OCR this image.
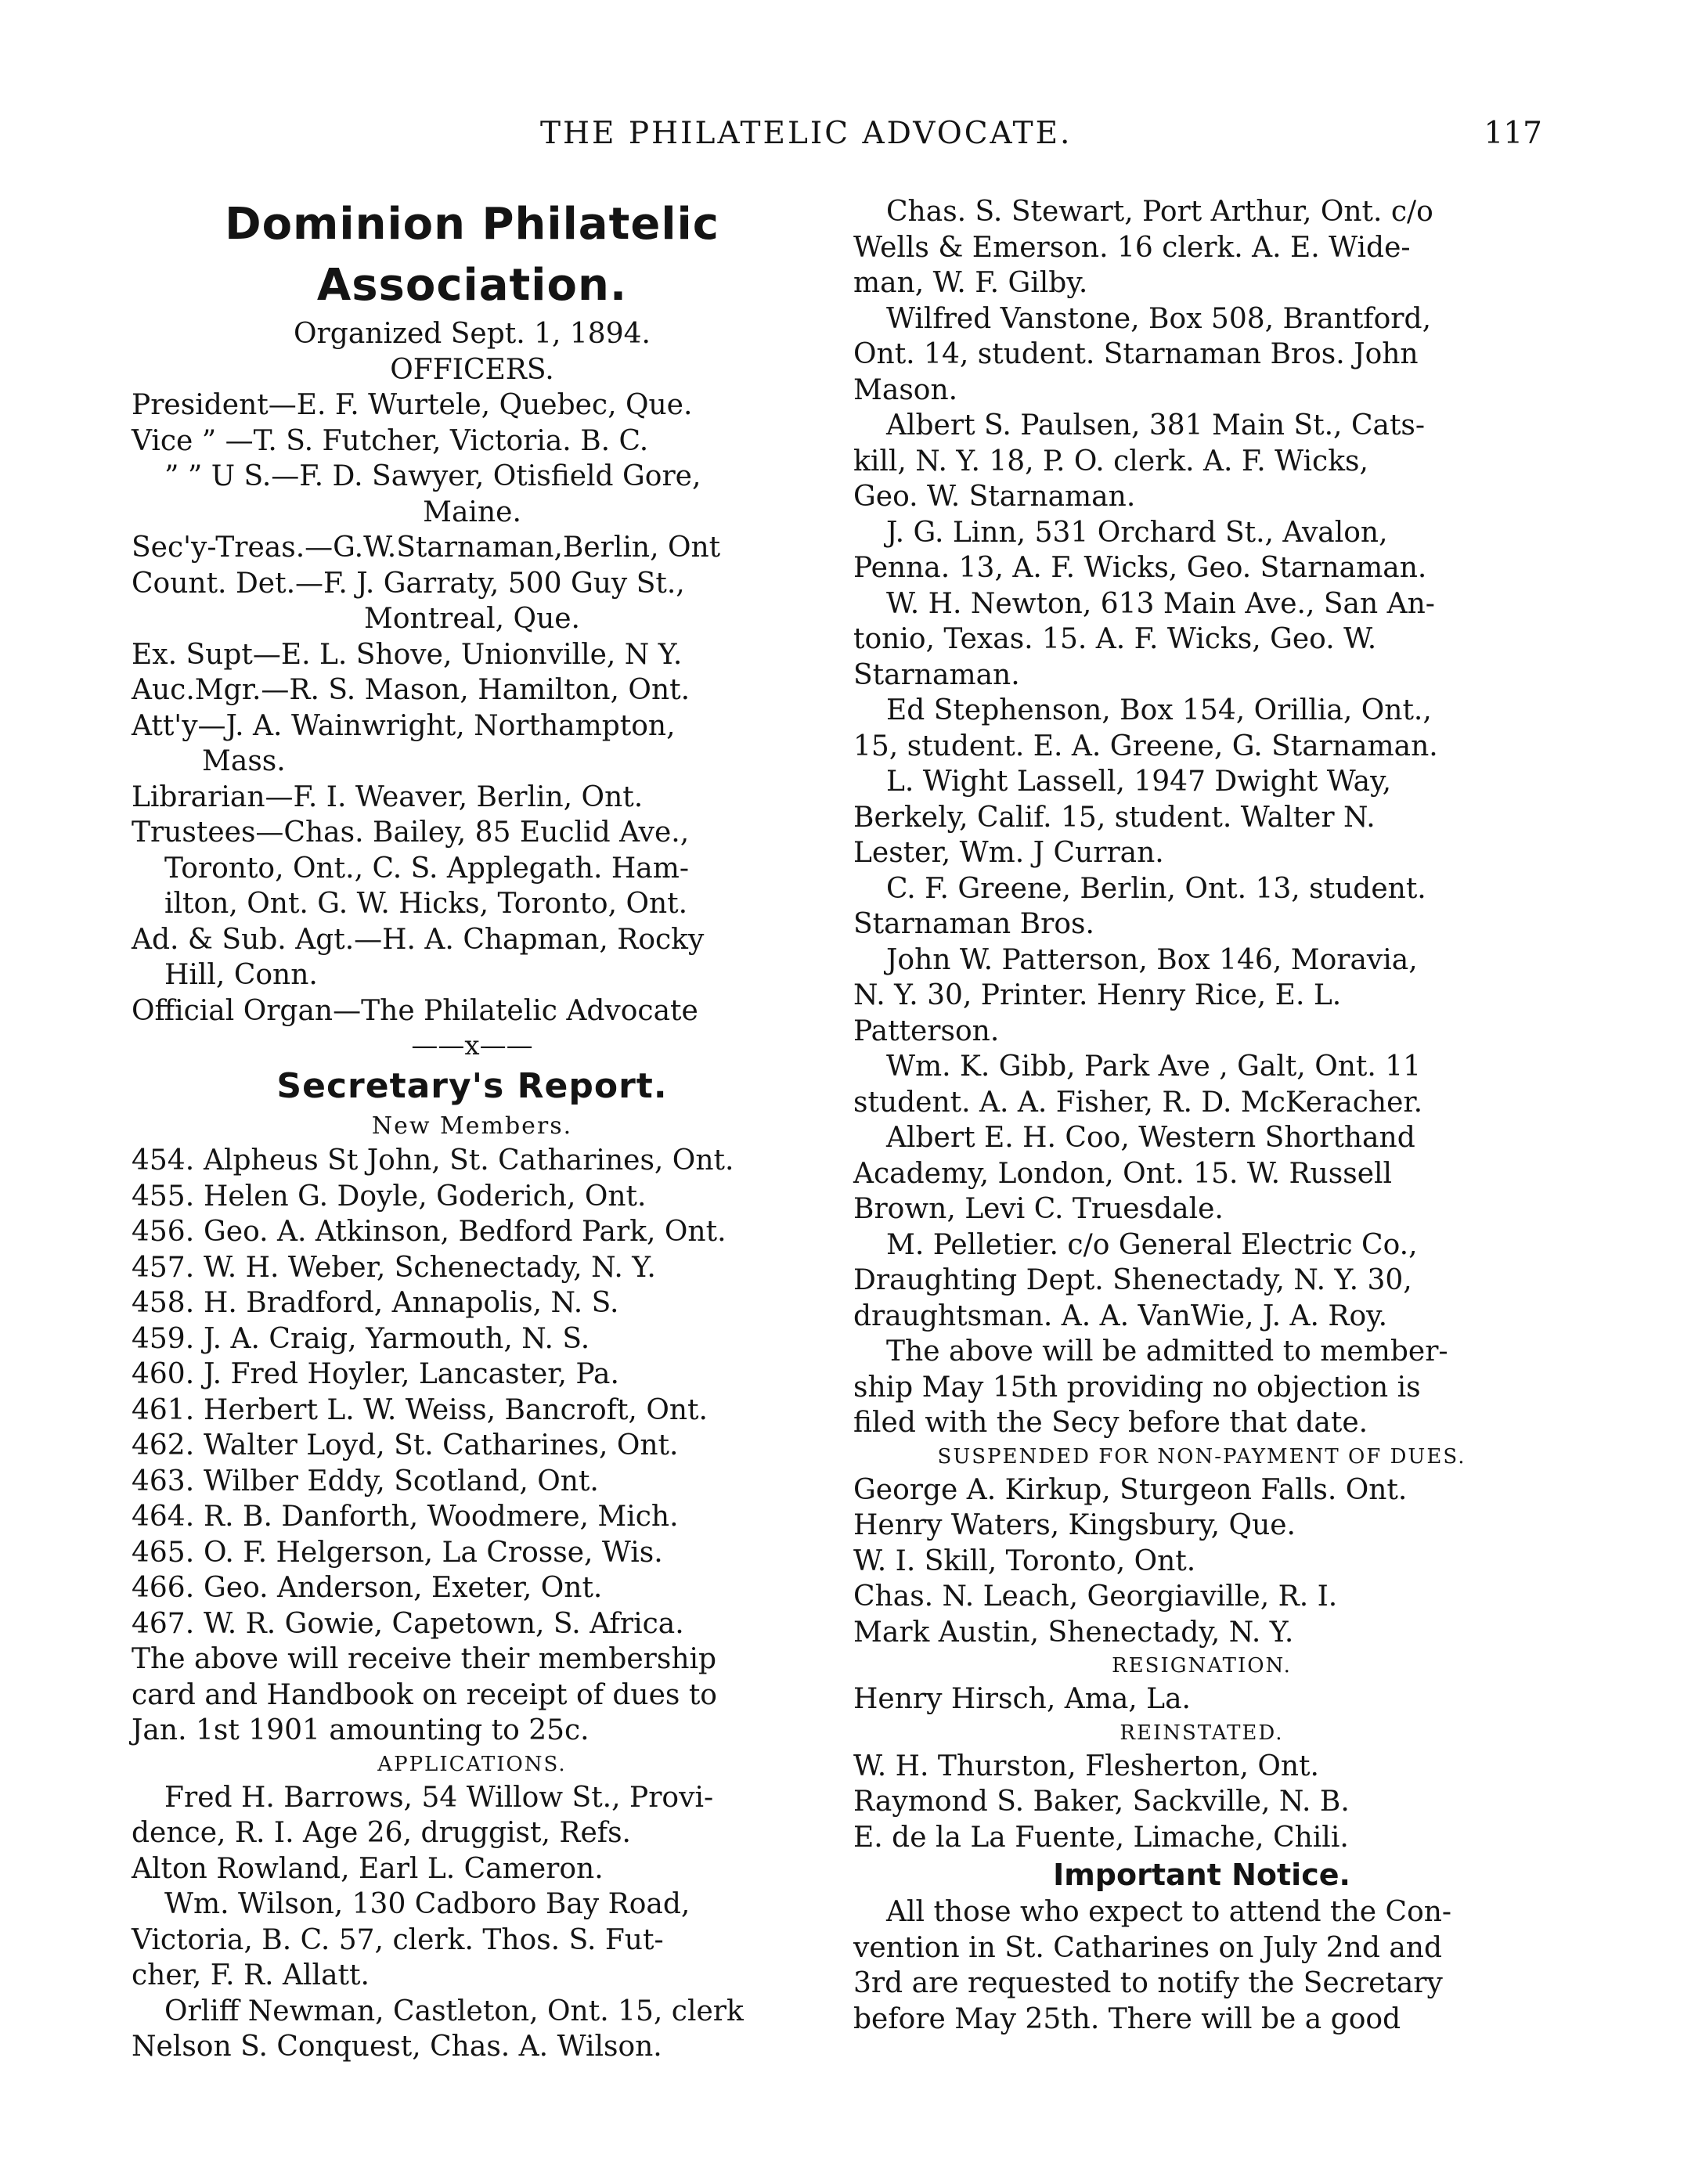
THE PHILATELIC ADVOCATE.	117
Dominion Philatelic
Association.
Organized Sept. 1, 1894.
OFFICERS.
President—E. F. Wurtele, Quebec, Que.
Vice ” —T. S. Futcher, Victoria. B. C.
” ” U S.—F. D. Sawyer, Otisfield Gore,
Maine.
Sec'y-Treas.—G.W.Starnaman,Berlin, Ont
Count. Det.—F. J. Garraty, 500 Guy St.,
Montreal, Que.
Ex. Supt—E. L. Shove, Unionville, N Y.
Auc.Mgr.—R. S. Mason, Hamilton, Ont.
Att'y—J. A. Wainwright, Northampton,
Mass.
Librarian—F. I. Weaver, Berlin, Ont.
Trustees—Chas. Bailey, 85 Euclid Ave.,
Toronto, Ont., C. S. Applegath. Ham-
ilton, Ont. G. W. Hicks, Toronto, Ont.
Ad. & Sub. Agt.—H. A. Chapman, Rocky
Hill, Conn.
Official Organ—The Philatelic Advocate
——x——
Secretary's Report.
New Members.
454. Alpheus St John, St. Catharines, Ont.
455. Helen G. Doyle, Goderich, Ont.
456. Geo. A. Atkinson, Bedford Park, Ont.
457. W. H. Weber, Schenectady, N. Y.
458. H. Bradford, Annapolis, N. S.
459. J. A. Craig, Yarmouth, N. S.
460. J. Fred Hoyler, Lancaster, Pa.
461. Herbert L. W. Weiss, Bancroft, Ont.
462. Walter Loyd, St. Catharines, Ont.
463. Wilber Eddy, Scotland, Ont.
464. R. B. Danforth, Woodmere, Mich.
465. O. F. Helgerson, La Crosse, Wis.
466. Geo. Anderson, Exeter, Ont.
467. W. R. Gowie, Capetown, S. Africa.
The above will receive their membership
card and Handbook on receipt of dues to
Jan. 1st 1901 amounting to 25c.
APPLICATIONS.
Fred H. Barrows, 54 Willow St., Provi-
dence, R. I. Age 26, druggist, Refs.
Alton Rowland, Earl L. Cameron.
Wm. Wilson, 130 Cadboro Bay Road,
Victoria, B. C. 57, clerk. Thos. S. Fut-
cher, F. R. Allatt.
Orliff Newman, Castleton, Ont. 15, clerk
Nelson S. Conquest, Chas. A. Wilson.
Chas. S. Stewart, Port Arthur, Ont. c/o
Wells & Emerson. 16 clerk. A. E. Wide-
man, W. F. Gilby.
Wilfred Vanstone, Box 508, Brantford,
Ont. 14, student. Starnaman Bros. John
Mason.
Albert S. Paulsen, 381 Main St., Cats-
kill, N. Y. 18, P. O. clerk. A. F. Wicks,
Geo. W. Starnaman.
J. G. Linn, 531 Orchard St., Avalon,
Penna. 13, A. F. Wicks, Geo. Starnaman.
W. H. Newton, 613 Main Ave., San An-
tonio, Texas. 15. A. F. Wicks, Geo. W.
Starnaman.
Ed Stephenson, Box 154, Orillia, Ont.,
15, student. E. A. Greene, G. Starnaman.
L. Wight Lassell, 1947 Dwight Way,
Berkely, Calif. 15, student. Walter N.
Lester, Wm. J Curran.
C. F. Greene, Berlin, Ont. 13, student.
Starnaman Bros.
John W. Patterson, Box 146, Moravia,
N. Y. 30, Printer. Henry Rice, E. L.
Patterson.
Wm. K. Gibb, Park Ave , Galt, Ont. 11
student. A. A. Fisher, R. D. McKeracher.
Albert E. H. Coo, Western Shorthand
Academy, London, Ont. 15. W. Russell
Brown, Levi C. Truesdale.
M. Pelletier. c/o General Electric Co.,
Draughting Dept. Shenectady, N. Y. 30,
draughtsman. A. A. VanWie, J. A. Roy.
The above will be admitted to member-
ship May 15th providing no objection is
filed with the Secy before that date.
SUSPENDED FOR NON-PAYMENT OF DUES.
George A. Kirkup, Sturgeon Falls. Ont.
Henry Waters, Kingsbury, Que.
W. I. Skill, Toronto, Ont.
Chas. N. Leach, Georgiaville, R. I.
Mark Austin, Shenectady, N. Y.
RESIGNATION.
Henry Hirsch, Ama, La.
REINSTATED.
W. H. Thurston, Flesherton, Ont.
Raymond S. Baker, Sackville, N. B.
E. de la La Fuente, Limache, Chili.
Important Notice.
All those who expect to attend the Con-
vention in St. Catharines on July 2nd and
3rd are requested to notify the Secretary
before May 25th. There will be a good
